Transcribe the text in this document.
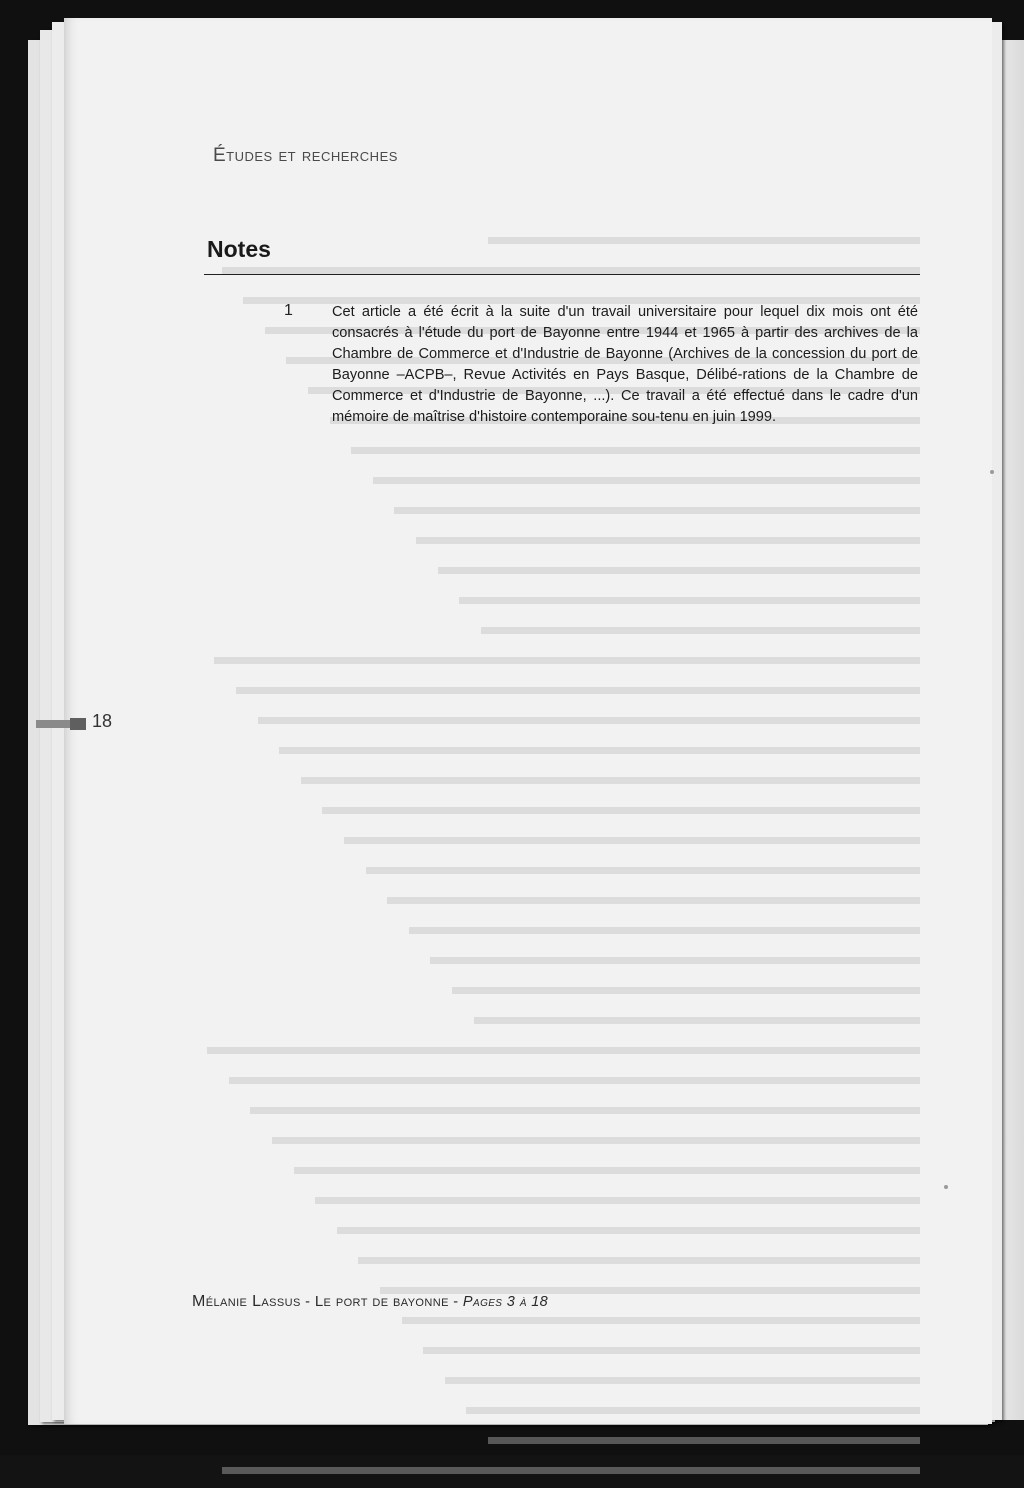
Études et recherches
Notes
1	Cet article a été écrit à la suite d'un travail universitaire pour lequel dix mois ont été consacrés à l'étude du port de Bayonne entre 1944 et 1965 à partir des archives de la Chambre de Commerce et d'Industrie de Bayonne (Archives de la concession du port de Bayonne –ACPB–, Revue Activités en Pays Basque, Délibé-rations de la Chambre de Commerce et d'Industrie de Bayonne, ...). Ce travail a été effectué dans le cadre d'un mémoire de maîtrise d'histoire contemporaine sou-tenu en juin 1999.
18
Mélanie Lassus - Le port de bayonne - Pages 3 à 18
